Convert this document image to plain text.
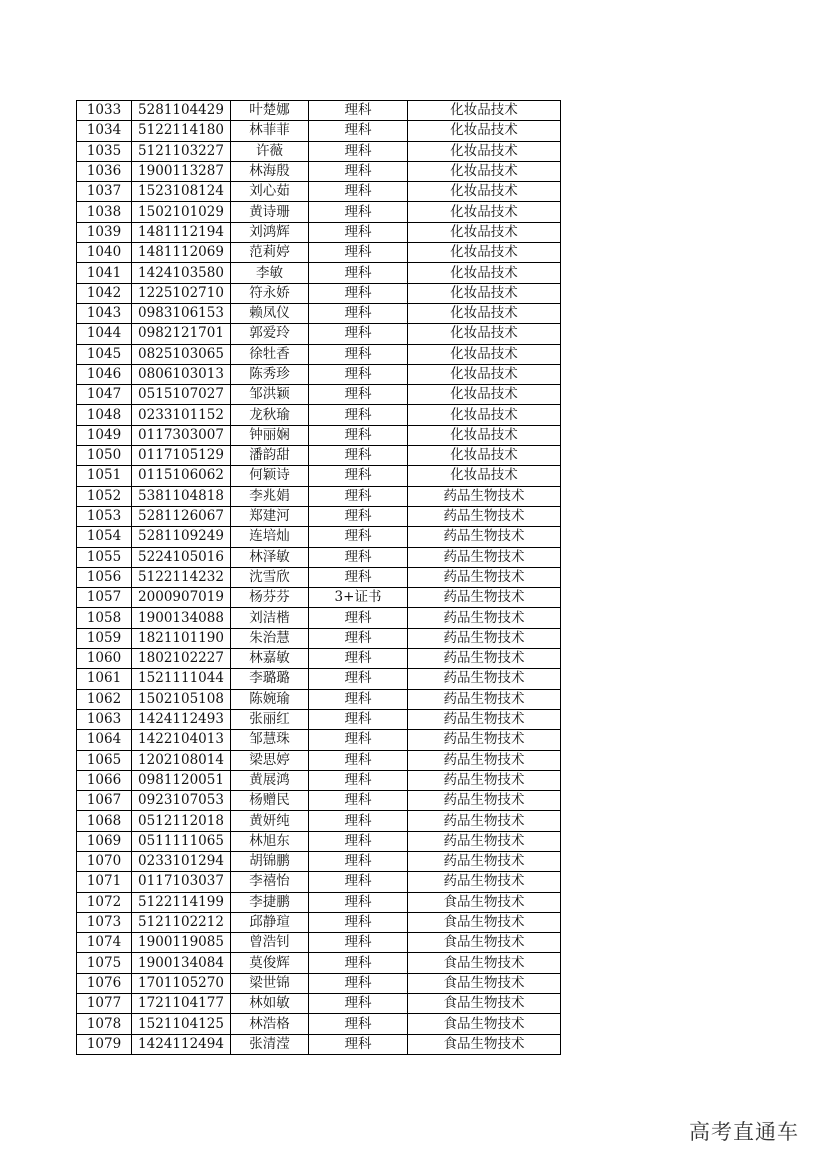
1033	5281104429	叶楚娜	理科	化妆品技术
1034	5122114180	林菲菲	理科	化妆品技术
1035	5121103227	许薇	理科	化妆品技术
1036	1900113287	林海殷	理科	化妆品技术
1037	1523108124	刘心茹	理科	化妆品技术
1038	1502101029	黄诗珊	理科	化妆品技术
1039	1481112194	刘鸿辉	理科	化妆品技术
1040	1481112069	范莉婷	理科	化妆品技术
1041	1424103580	李敏	理科	化妆品技术
1042	1225102710	符永娇	理科	化妆品技术
1043	0983106153	赖凤仪	理科	化妆品技术
1044	0982121701	郭爱玲	理科	化妆品技术
1045	0825103065	徐牡香	理科	化妆品技术
1046	0806103013	陈秀珍	理科	化妆品技术
1047	0515107027	邹洪颖	理科	化妆品技术
1048	0233101152	龙秋瑜	理科	化妆品技术
1049	0117303007	钟丽娴	理科	化妆品技术
1050	0117105129	潘韵甜	理科	化妆品技术
1051	0115106062	何颖诗	理科	化妆品技术
1052	5381104818	李兆娟	理科	药品生物技术
1053	5281126067	郑建河	理科	药品生物技术
1054	5281109249	连培灿	理科	药品生物技术
1055	5224105016	林泽敏	理科	药品生物技术
1056	5122114232	沈雪欣	理科	药品生物技术
1057	2000907019	杨芬芬	3+证书	药品生物技术
1058	1900134088	刘洁楷	理科	药品生物技术
1059	1821101190	朱治慧	理科	药品生物技术
1060	1802102227	林嘉敏	理科	药品生物技术
1061	1521111044	李璐璐	理科	药品生物技术
1062	1502105108	陈婉瑜	理科	药品生物技术
1063	1424112493	张丽红	理科	药品生物技术
1064	1422104013	邹慧珠	理科	药品生物技术
1065	1202108014	梁思婷	理科	药品生物技术
1066	0981120051	黄展鸿	理科	药品生物技术
1067	0923107053	杨赠民	理科	药品生物技术
1068	0512112018	黄妍纯	理科	药品生物技术
1069	0511111065	林旭东	理科	药品生物技术
1070	0233101294	胡锦鹏	理科	药品生物技术
1071	0117103037	李禧怡	理科	药品生物技术
1072	5122114199	李捷鹏	理科	食品生物技术
1073	5121102212	邱静瑄	理科	食品生物技术
1074	1900119085	曾浩钊	理科	食品生物技术
1075	1900134084	莫俊辉	理科	食品生物技术
1076	1701105270	梁世锦	理科	食品生物技术
1077	1721104177	林如敏	理科	食品生物技术
1078	1521104125	林浩格	理科	食品生物技术
1079	1424112494	张清滢	理科	食品生物技术
高考直通车
